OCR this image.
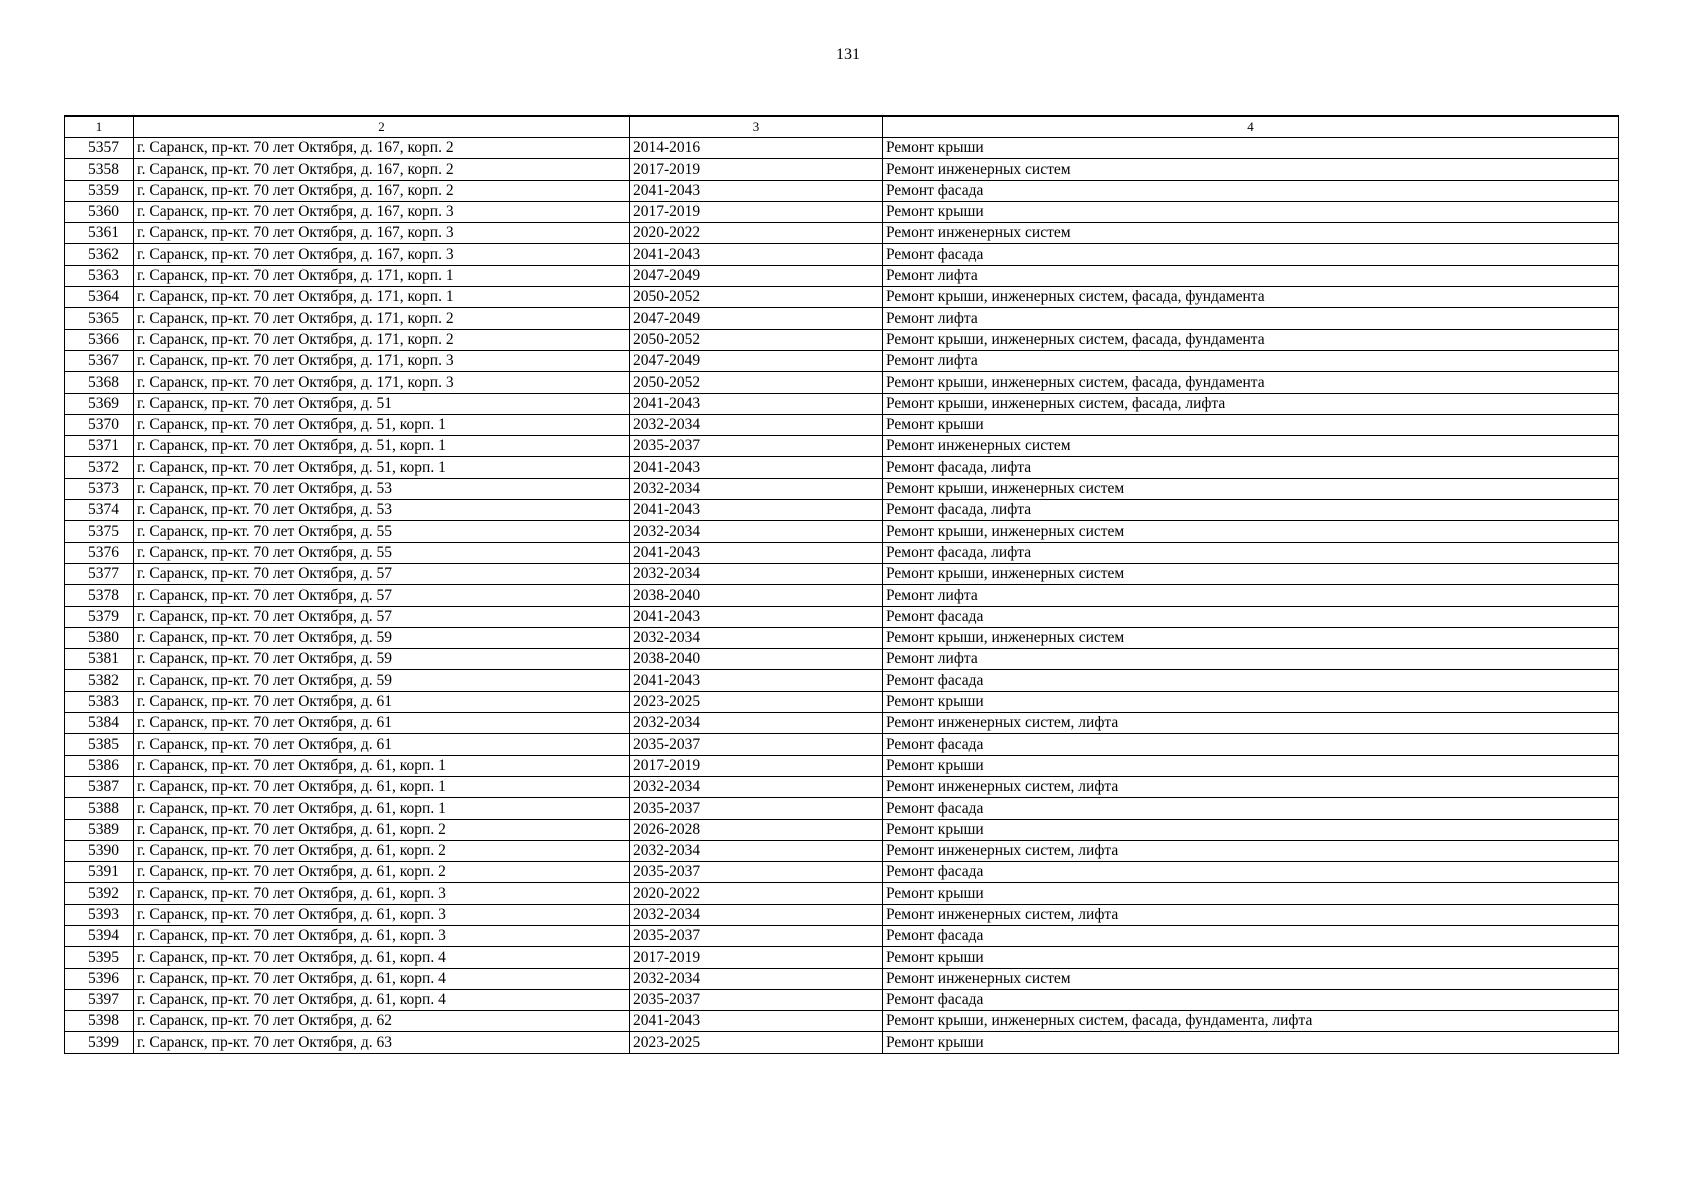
131
1	2	3	4
5357	г. Саранск, пр-кт. 70 лет Октября, д. 167, корп. 2	2014-2016	Ремонт крыши
5358	г. Саранск, пр-кт. 70 лет Октября, д. 167, корп. 2	2017-2019	Ремонт инженерных систем
5359	г. Саранск, пр-кт. 70 лет Октября, д. 167, корп. 2	2041-2043	Ремонт фасада
5360	г. Саранск, пр-кт. 70 лет Октября, д. 167, корп. 3	2017-2019	Ремонт крыши
5361	г. Саранск, пр-кт. 70 лет Октября, д. 167, корп. 3	2020-2022	Ремонт инженерных систем
5362	г. Саранск, пр-кт. 70 лет Октября, д. 167, корп. 3	2041-2043	Ремонт фасада
5363	г. Саранск, пр-кт. 70 лет Октября, д. 171, корп. 1	2047-2049	Ремонт лифта
5364	г. Саранск, пр-кт. 70 лет Октября, д. 171, корп. 1	2050-2052	Ремонт крыши, инженерных систем, фасада, фундамента
5365	г. Саранск, пр-кт. 70 лет Октября, д. 171, корп. 2	2047-2049	Ремонт лифта
5366	г. Саранск, пр-кт. 70 лет Октября, д. 171, корп. 2	2050-2052	Ремонт крыши, инженерных систем, фасада, фундамента
5367	г. Саранск, пр-кт. 70 лет Октября, д. 171, корп. 3	2047-2049	Ремонт лифта
5368	г. Саранск, пр-кт. 70 лет Октября, д. 171, корп. 3	2050-2052	Ремонт крыши, инженерных систем, фасада, фундамента
5369	г. Саранск, пр-кт. 70 лет Октября, д. 51	2041-2043	Ремонт крыши, инженерных систем, фасада, лифта
5370	г. Саранск, пр-кт. 70 лет Октября, д. 51, корп. 1	2032-2034	Ремонт крыши
5371	г. Саранск, пр-кт. 70 лет Октября, д. 51, корп. 1	2035-2037	Ремонт инженерных систем
5372	г. Саранск, пр-кт. 70 лет Октября, д. 51, корп. 1	2041-2043	Ремонт фасада, лифта
5373	г. Саранск, пр-кт. 70 лет Октября, д. 53	2032-2034	Ремонт крыши, инженерных систем
5374	г. Саранск, пр-кт. 70 лет Октября, д. 53	2041-2043	Ремонт фасада, лифта
5375	г. Саранск, пр-кт. 70 лет Октября, д. 55	2032-2034	Ремонт крыши, инженерных систем
5376	г. Саранск, пр-кт. 70 лет Октября, д. 55	2041-2043	Ремонт фасада, лифта
5377	г. Саранск, пр-кт. 70 лет Октября, д. 57	2032-2034	Ремонт крыши, инженерных систем
5378	г. Саранск, пр-кт. 70 лет Октября, д. 57	2038-2040	Ремонт лифта
5379	г. Саранск, пр-кт. 70 лет Октября, д. 57	2041-2043	Ремонт фасада
5380	г. Саранск, пр-кт. 70 лет Октября, д. 59	2032-2034	Ремонт крыши, инженерных систем
5381	г. Саранск, пр-кт. 70 лет Октября, д. 59	2038-2040	Ремонт лифта
5382	г. Саранск, пр-кт. 70 лет Октября, д. 59	2041-2043	Ремонт фасада
5383	г. Саранск, пр-кт. 70 лет Октября, д. 61	2023-2025	Ремонт крыши
5384	г. Саранск, пр-кт. 70 лет Октября, д. 61	2032-2034	Ремонт инженерных систем, лифта
5385	г. Саранск, пр-кт. 70 лет Октября, д. 61	2035-2037	Ремонт фасада
5386	г. Саранск, пр-кт. 70 лет Октября, д. 61, корп. 1	2017-2019	Ремонт крыши
5387	г. Саранск, пр-кт. 70 лет Октября, д. 61, корп. 1	2032-2034	Ремонт инженерных систем, лифта
5388	г. Саранск, пр-кт. 70 лет Октября, д. 61, корп. 1	2035-2037	Ремонт фасада
5389	г. Саранск, пр-кт. 70 лет Октября, д. 61, корп. 2	2026-2028	Ремонт крыши
5390	г. Саранск, пр-кт. 70 лет Октября, д. 61, корп. 2	2032-2034	Ремонт инженерных систем, лифта
5391	г. Саранск, пр-кт. 70 лет Октября, д. 61, корп. 2	2035-2037	Ремонт фасада
5392	г. Саранск, пр-кт. 70 лет Октября, д. 61, корп. 3	2020-2022	Ремонт крыши
5393	г. Саранск, пр-кт. 70 лет Октября, д. 61, корп. 3	2032-2034	Ремонт инженерных систем, лифта
5394	г. Саранск, пр-кт. 70 лет Октября, д. 61, корп. 3	2035-2037	Ремонт фасада
5395	г. Саранск, пр-кт. 70 лет Октября, д. 61, корп. 4	2017-2019	Ремонт крыши
5396	г. Саранск, пр-кт. 70 лет Октября, д. 61, корп. 4	2032-2034	Ремонт инженерных систем
5397	г. Саранск, пр-кт. 70 лет Октября, д. 61, корп. 4	2035-2037	Ремонт фасада
5398	г. Саранск, пр-кт. 70 лет Октября, д. 62	2041-2043	Ремонт крыши, инженерных систем, фасада, фундамента, лифта
5399	г. Саранск, пр-кт. 70 лет Октября, д. 63	2023-2025	Ремонт крыши
